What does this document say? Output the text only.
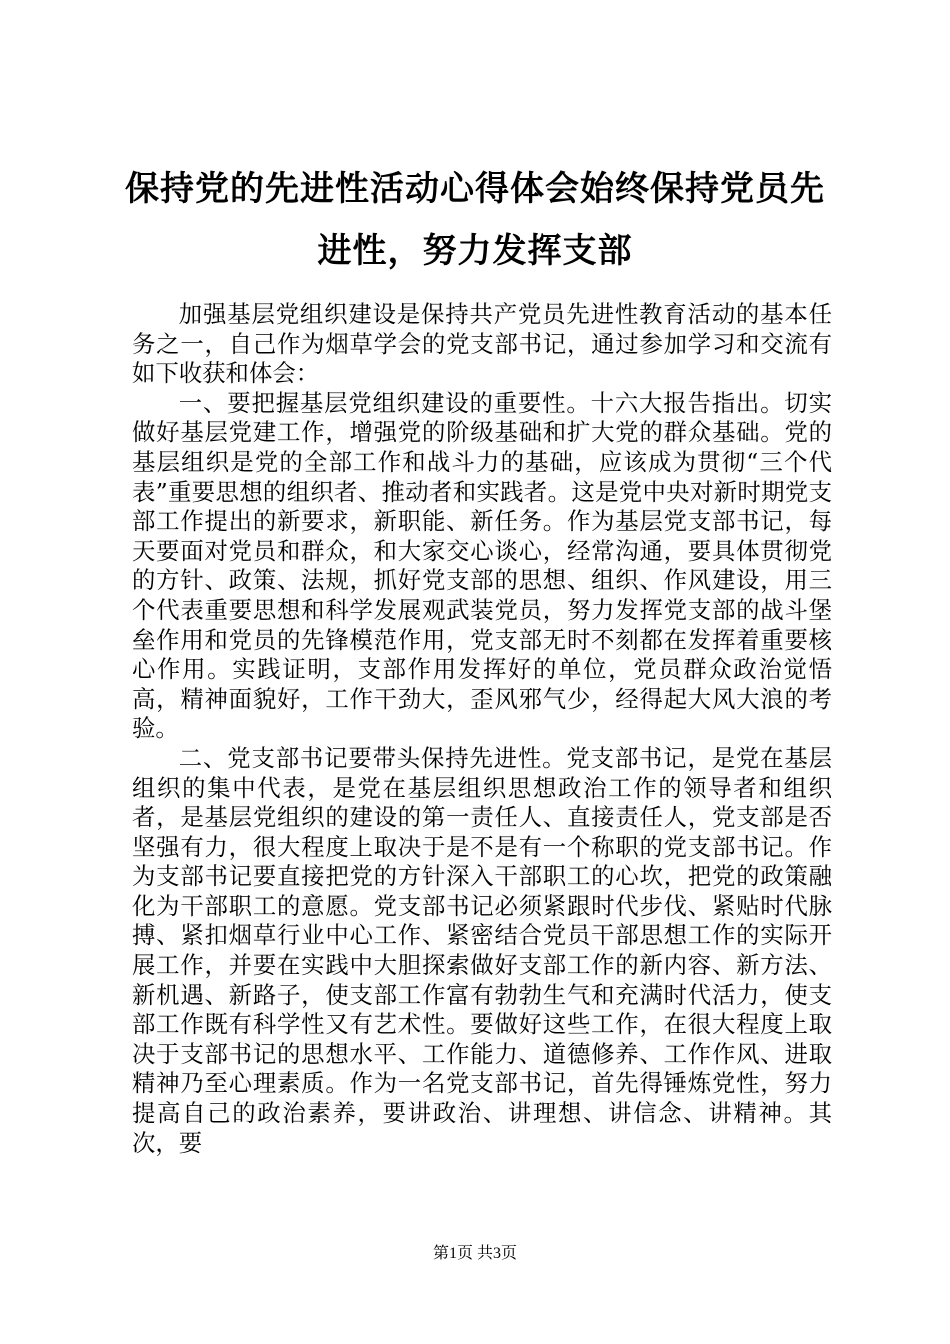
保持党的先进性活动心得体会始终保持党员先进性，努力发挥支部

加强基层党组织建设是保持共产党员先进性教育活动的基本任务之一，自己作为烟草学会的党支部书记，通过参加学习和交流有如下收获和体会：

一、要把握基层党组织建设的重要性。十六大报告指出。切实做好基层党建工作，增强党的阶级基础和扩大党的群众基础。党的基层组织是党的全部工作和战斗力的基础，应该成为贯彻“三个代表”重要思想的组织者、推动者和实践者。这是党中央对新时期党支部工作提出的新要求，新职能、新任务。作为基层党支部书记，每天要面对党员和群众，和大家交心谈心，经常沟通，要具体贯彻党的方针、政策、法规，抓好党支部的思想、组织、作风建设，用三个代表重要思想和科学发展观武装党员，努力发挥党支部的战斗堡垒作用和党员的先锋模范作用，党支部无时不刻都在发挥着重要核心作用。实践证明，支部作用发挥好的单位，党员群众政治觉悟高，精神面貌好，工作干劲大，歪风邪气少，经得起大风大浪的考验。

二、党支部书记要带头保持先进性。党支部书记，是党在基层组织的集中代表，是党在基层组织思想政治工作的领导者和组织者，是基层党组织的建设的第一责任人、直接责任人，党支部是否坚强有力，很大程度上取决于是不是有一个称职的党支部书记。作为支部书记要直接把党的方针深入干部职工的心坎，把党的政策融化为干部职工的意愿。党支部书记必须紧跟时代步伐、紧贴时代脉搏、紧扣烟草行业中心工作、紧密结合党员干部思想工作的实际开展工作，并要在实践中大胆探索做好支部工作的新内容、新方法、新机遇、新路子，使支部工作富有勃勃生气和充满时代活力，使支部工作既有科学性又有艺术性。要做好这些工作，在很大程度上取决于支部书记的思想水平、工作能力、道德修养、工作作风、进取精神乃至心理素质。作为一名党支部书记，首先得锤炼党性，努力提高自己的政治素养，要讲政治、讲理想、讲信念、讲精神。其次，要

第1页 共3页
